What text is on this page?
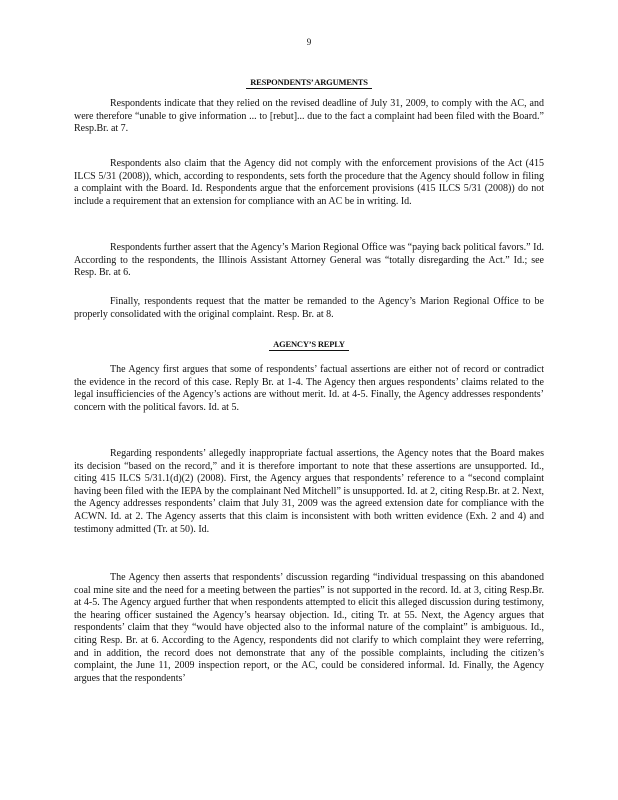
9
RESPONDENTS’ ARGUMENTS

Respondents indicate that they relied on the revised deadline of July 31, 2009, to comply with the AC, and were therefore “unable to give information ... to [rebut]... due to the fact a complaint had been filed with the Board.” Resp.Br. at 7.

Respondents also claim that the Agency did not comply with the enforcement provisions of the Act (415 ILCS 5/31 (2008)), which, according to respondents, sets forth the procedure that the Agency should follow in filing a complaint with the Board. Id. Respondents argue that the enforcement provisions (415 ILCS 5/31 (2008)) do not include a requirement that an extension for compliance with an AC be in writing. Id.

Respondents further assert that the Agency’s Marion Regional Office was “paying back political favors.” Id. According to the respondents, the Illinois Assistant Attorney General was “totally disregarding the Act.” Id.; see Resp. Br. at 6.

Finally, respondents request that the matter be remanded to the Agency’s Marion Regional Office to be properly consolidated with the original complaint. Resp. Br. at 8.

AGENCY’S REPLY

The Agency first argues that some of respondents’ factual assertions are either not of record or contradict the evidence in the record of this case. Reply Br. at 1-4. The Agency then argues respondents’ claims related to the legal insufficiencies of the Agency’s actions are without merit. Id. at 4-5. Finally, the Agency addresses respondents’ concern with the political favors. Id. at 5.

Regarding respondents’ allegedly inappropriate factual assertions, the Agency notes that the Board makes its decision “based on the record,” and it is therefore important to note that these assertions are unsupported. Id., citing 415 ILCS 5/31.1(d)(2) (2008). First, the Agency argues that respondents’ reference to a “second complaint having been filed with the IEPA by the complainant Ned Mitchell” is unsupported. Id. at 2, citing Resp.Br. at 2. Next, the Agency addresses respondents’ claim that July 31, 2009 was the agreed extension date for compliance with the ACWN. Id. at 2. The Agency asserts that this claim is inconsistent with both written evidence (Exh. 2 and 4) and testimony admitted (Tr. at 50). Id.

The Agency then asserts that respondents’ discussion regarding “individual trespassing on this abandoned coal mine site and the need for a meeting between the parties” is not supported in the record. Id. at 3, citing Resp.Br. at 4-5. The Agency argued further that when respondents attempted to elicit this alleged discussion during testimony, the hearing officer sustained the Agency’s hearsay objection. Id., citing Tr. at 55. Next, the Agency argues that respondents’ claim that they “would have objected also to the informal nature of the complaint” is ambiguous. Id., citing Resp. Br. at 6. According to the Agency, respondents did not clarify to which complaint they were referring, and in addition, the record does not demonstrate that any of the possible complaints, including the citizen’s complaint, the June 11, 2009 inspection report, or the AC, could be considered informal. Id. Finally, the Agency argues that the respondents’
